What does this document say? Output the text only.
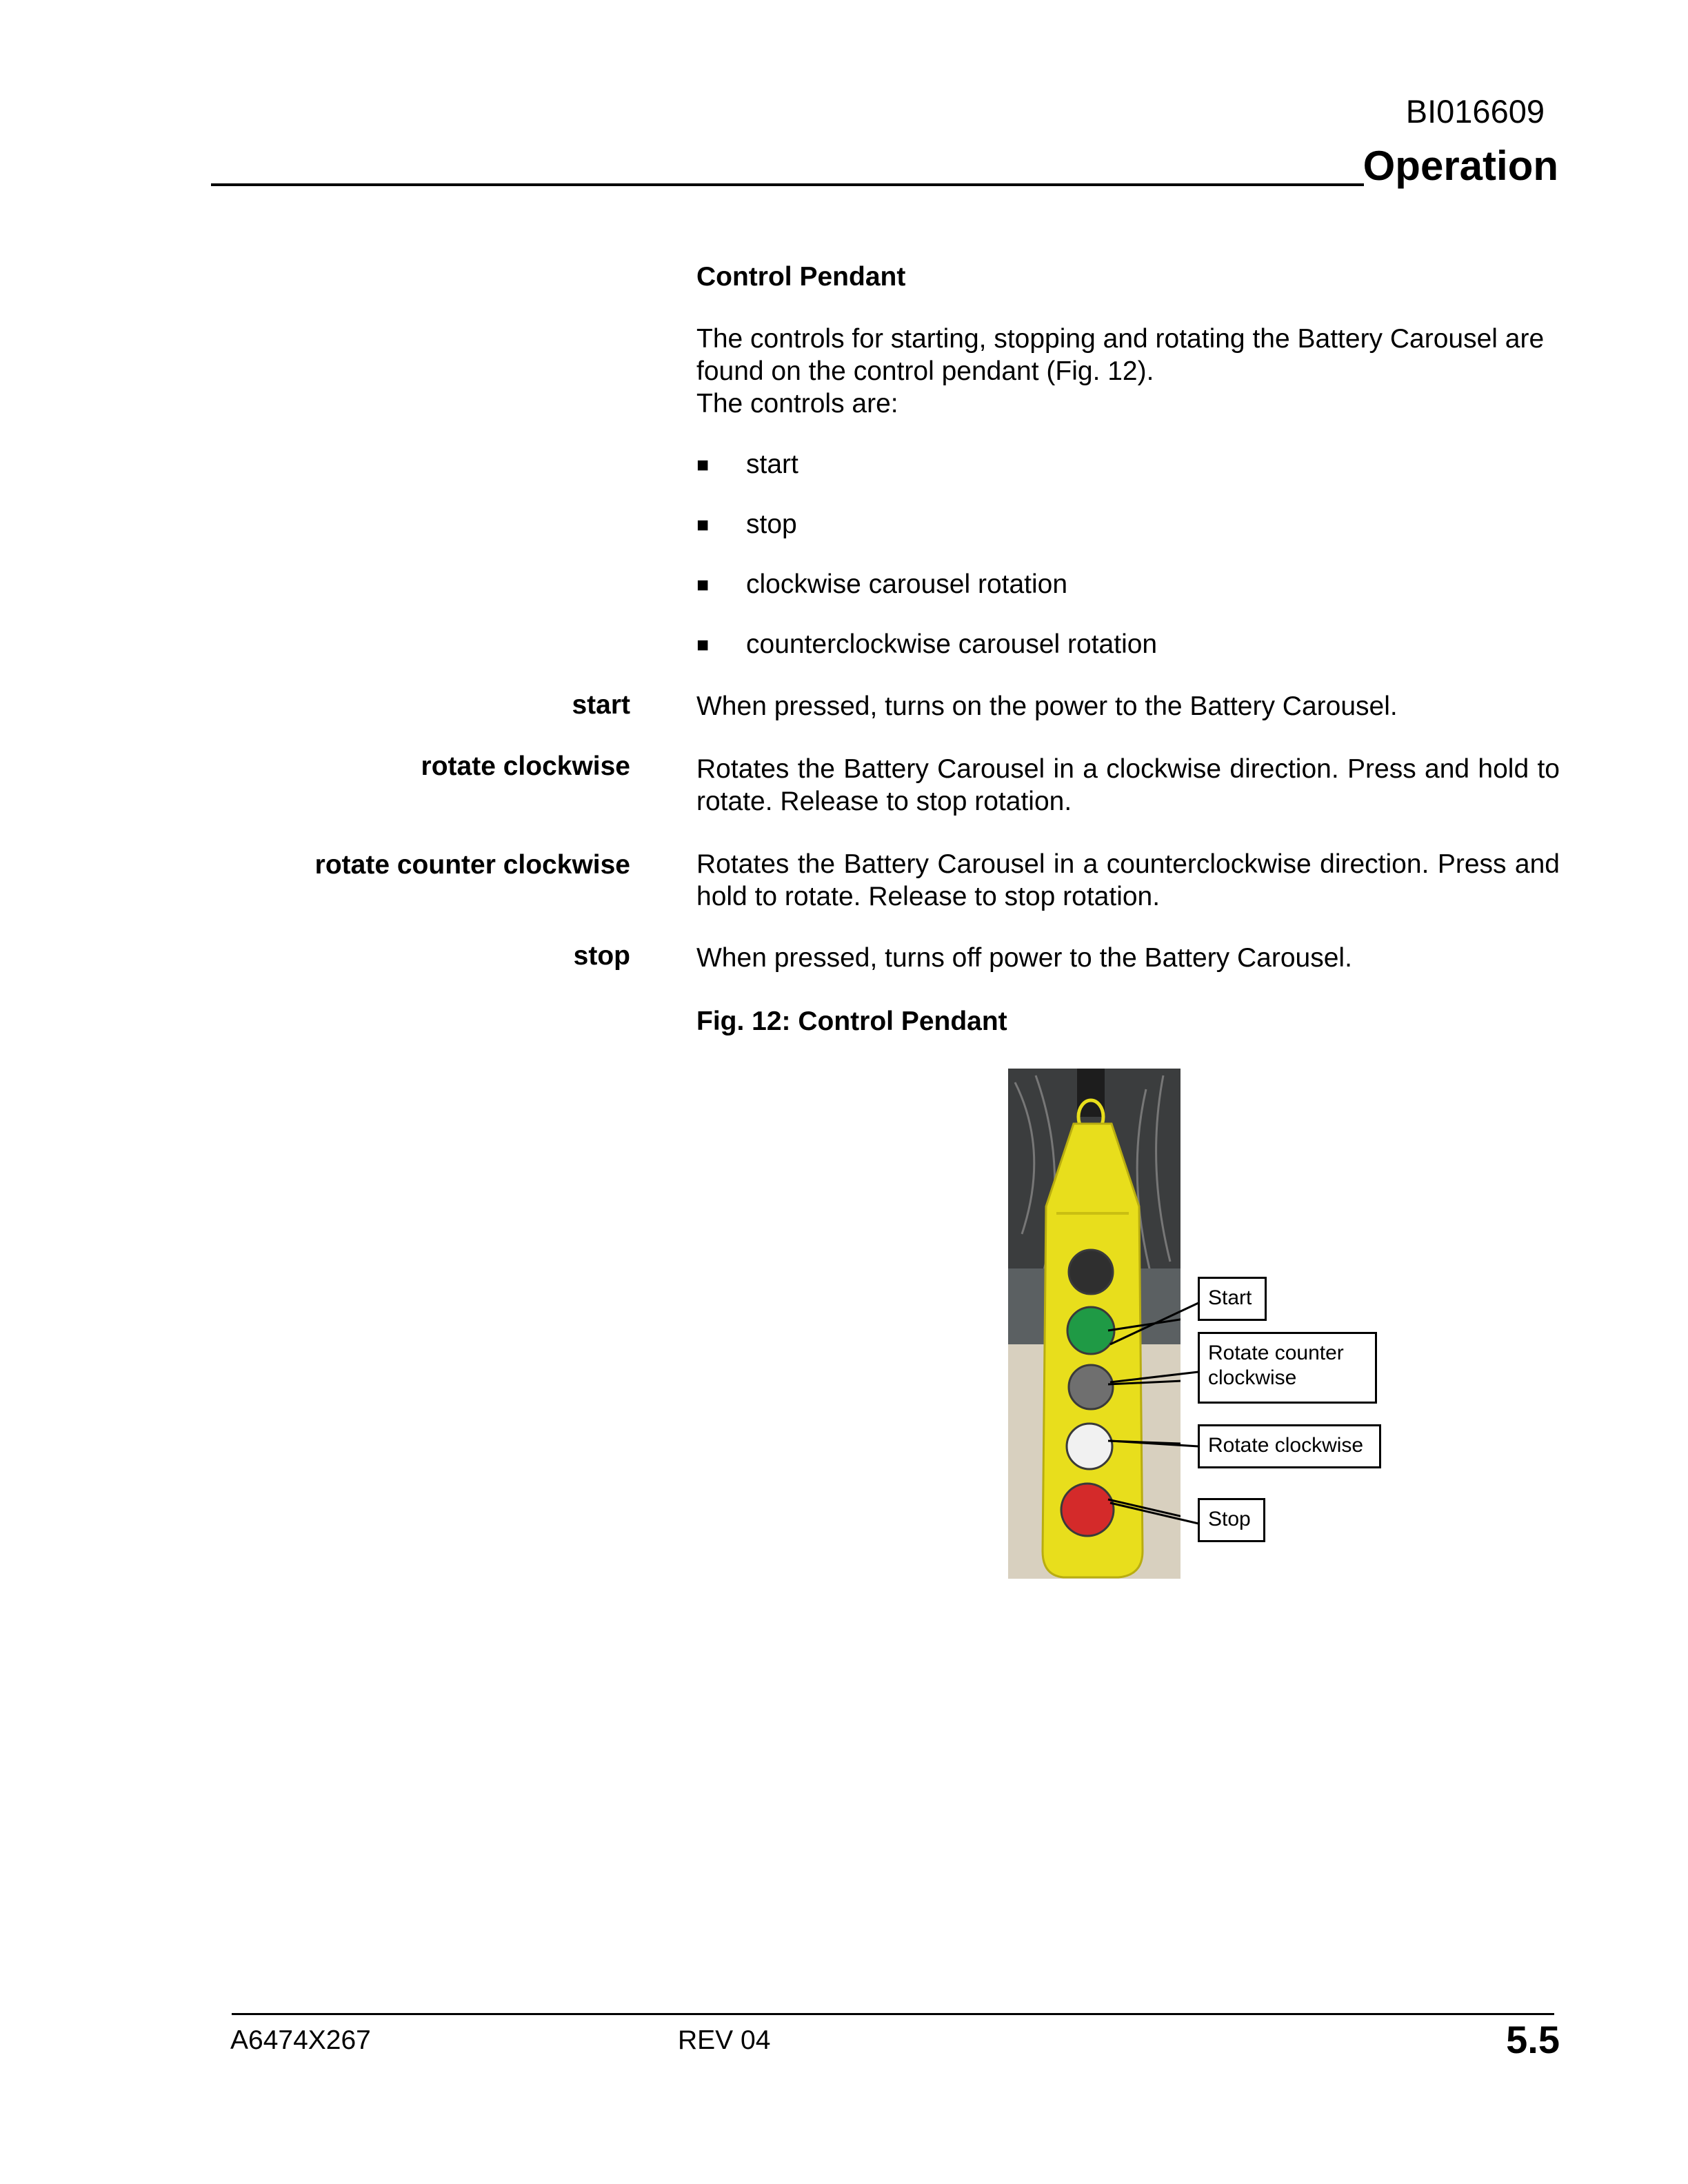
BI016609
Operation
Control Pendant
The controls for starting, stopping and rotating the Battery Carousel are found on the control pendant (Fig. 12).
The controls are:
■ start
■ stop
■ clockwise carousel rotation
■ counterclockwise carousel rotation
start When pressed, turns on the power to the Battery Carousel.
rotate clockwise Rotates the Battery Carousel in a clockwise direction. Press and hold to rotate. Release to stop rotation.
rotate counter clockwise Rotates the Battery Carousel in a counterclockwise direction. Press and hold to rotate. Release to stop rotation.
stop When pressed, turns off power to the Battery Carousel.
Fig. 12: Control Pendant
Start
Rotate counter clockwise
Rotate clockwise
Stop
A6474X267	REV 04	5.5
